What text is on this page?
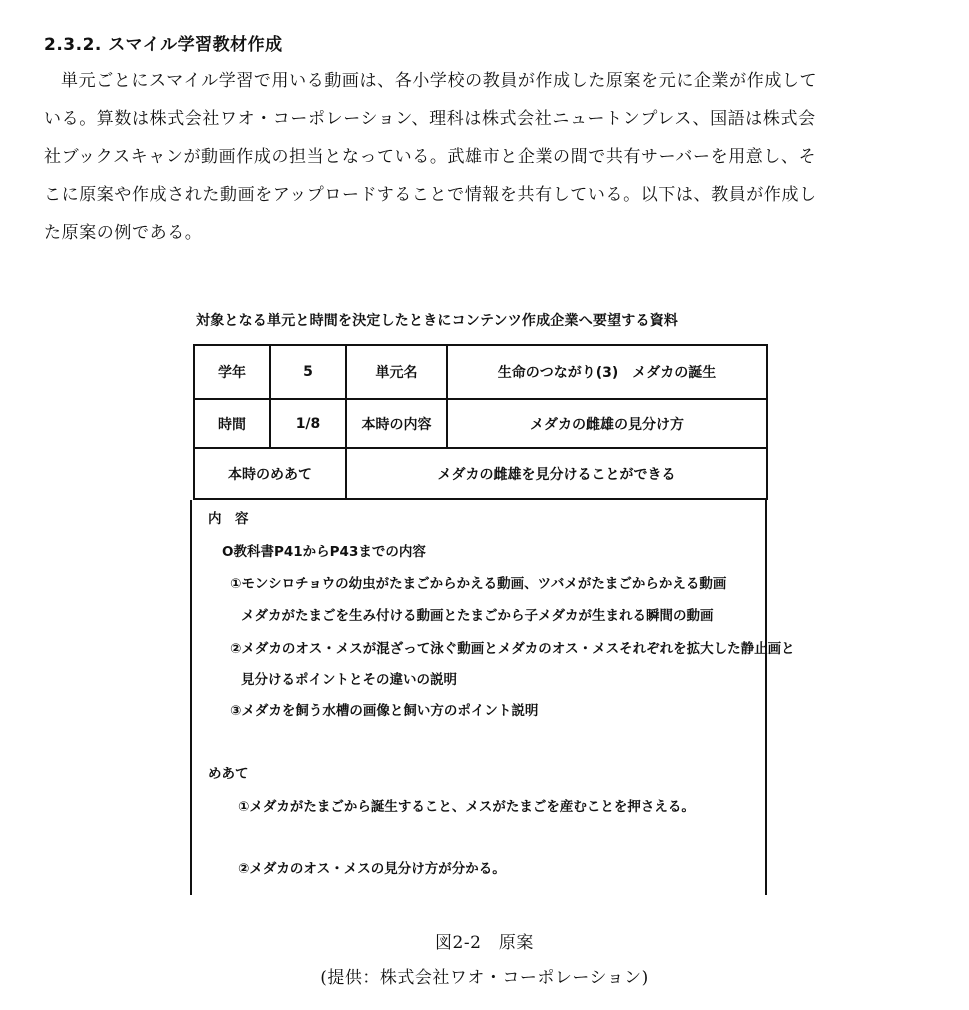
2.3.2. スマイル学習教材作成
単元ごとにスマイル学習で用いる動画は、各小学校の教員が作成した原案を元に企業が作成して
いる。算数は株式会社ワオ・コーポレーション、理科は株式会社ニュートンプレス、国語は株式会
社ブックスキャンが動画作成の担当となっている。武雄市と企業の間で共有サーバーを用意し、そ
こに原案や作成された動画をアップロードすることで情報を共有している。以下は、教員が作成し
た原案の例である。
対象となる単元と時間を決定したときにコンテンツ作成企業へ要望する資料
学年	5	単元名	生命のつながり(3)　メダカの誕生
時間	1/8	本時の内容	メダカの雌雄の見分け方
本時のめあて	メダカの雌雄を見分けることができる
内　容
O教科書P41からP43までの内容
①モンシロチョウの幼虫がたまごからかえる動画、ツバメがたまごからかえる動画
メダカがたまごを生み付ける動画とたまごから子メダカが生まれる瞬間の動画
②メダカのオス・メスが混ざって泳ぐ動画とメダカのオス・メスそれぞれを拡大した静止画と
見分けるポイントとその違いの説明
③メダカを飼う水槽の画像と飼い方のポイント説明
めあて
①メダカがたまごから誕生すること、メスがたまごを産むことを押さえる。
②メダカのオス・メスの見分け方が分かる。
図2-2　原案
(提供：株式会社ワオ・コーポレーション)
